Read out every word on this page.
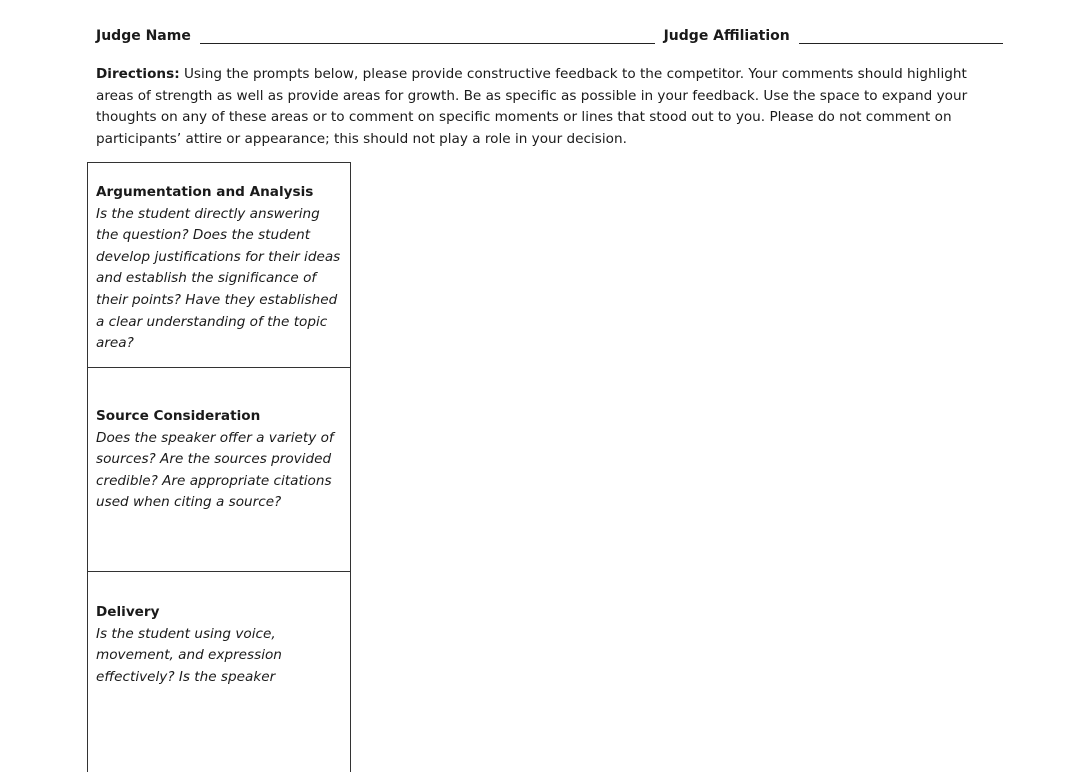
Judge Name	Judge Affiliation

Directions: Using the prompts below, please provide constructive feedback to the competitor. Your comments should highlight areas of strength as well as provide areas for growth. Be as specific as possible in your feedback. Use the space to expand your thoughts on any of these areas or to comment on specific moments or lines that stood out to you. Please do not comment on participants’ attire or appearance; this should not play a role in your decision.

Argumentation and Analysis
Is the student directly answering the question? Does the student develop justifications for their ideas and establish the significance of their points? Have they established a clear understanding of the topic area?
Source Consideration
Does the speaker offer a variety of sources? Are the sources provided credible? Are appropriate citations used when citing a source?
Delivery
Is the student using voice, movement, and expression effectively? Is the speaker
